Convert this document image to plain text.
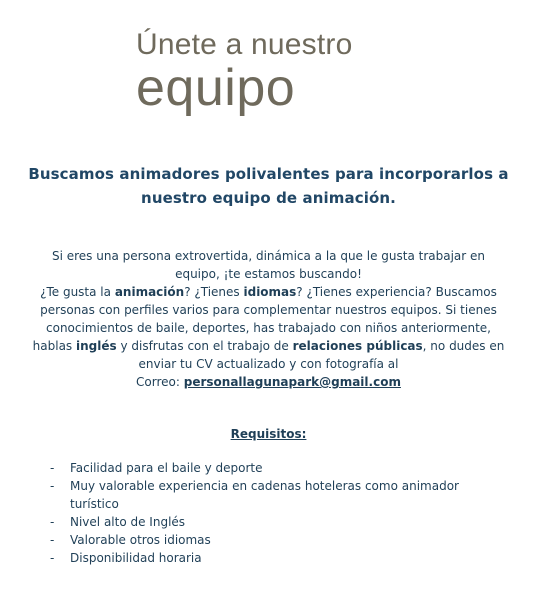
Únete a nuestro
equipo
Buscamos animadores polivalentes para incorporarlos a
nuestro equipo de animación.
Si eres una persona extrovertida, dinámica a la que le gusta trabajar en
equipo, ¡te estamos buscando!
¿Te gusta la animación? ¿Tienes idiomas? ¿Tienes experiencia? Buscamos
personas con perfiles varios para complementar nuestros equipos. Si tienes
conocimientos de baile, deportes, has trabajado con niños anteriormente,
hablas inglés y disfrutas con el trabajo de relaciones públicas, no dudes en
enviar tu CV actualizado y con fotografía al
Correo: personallagunapark@gmail.com
Requisitos:
- Facilidad para el baile y deporte
- Muy valorable experiencia en cadenas hoteleras como animador turístico
- Nivel alto de Inglés
- Valorable otros idiomas
- Disponibilidad horaria
